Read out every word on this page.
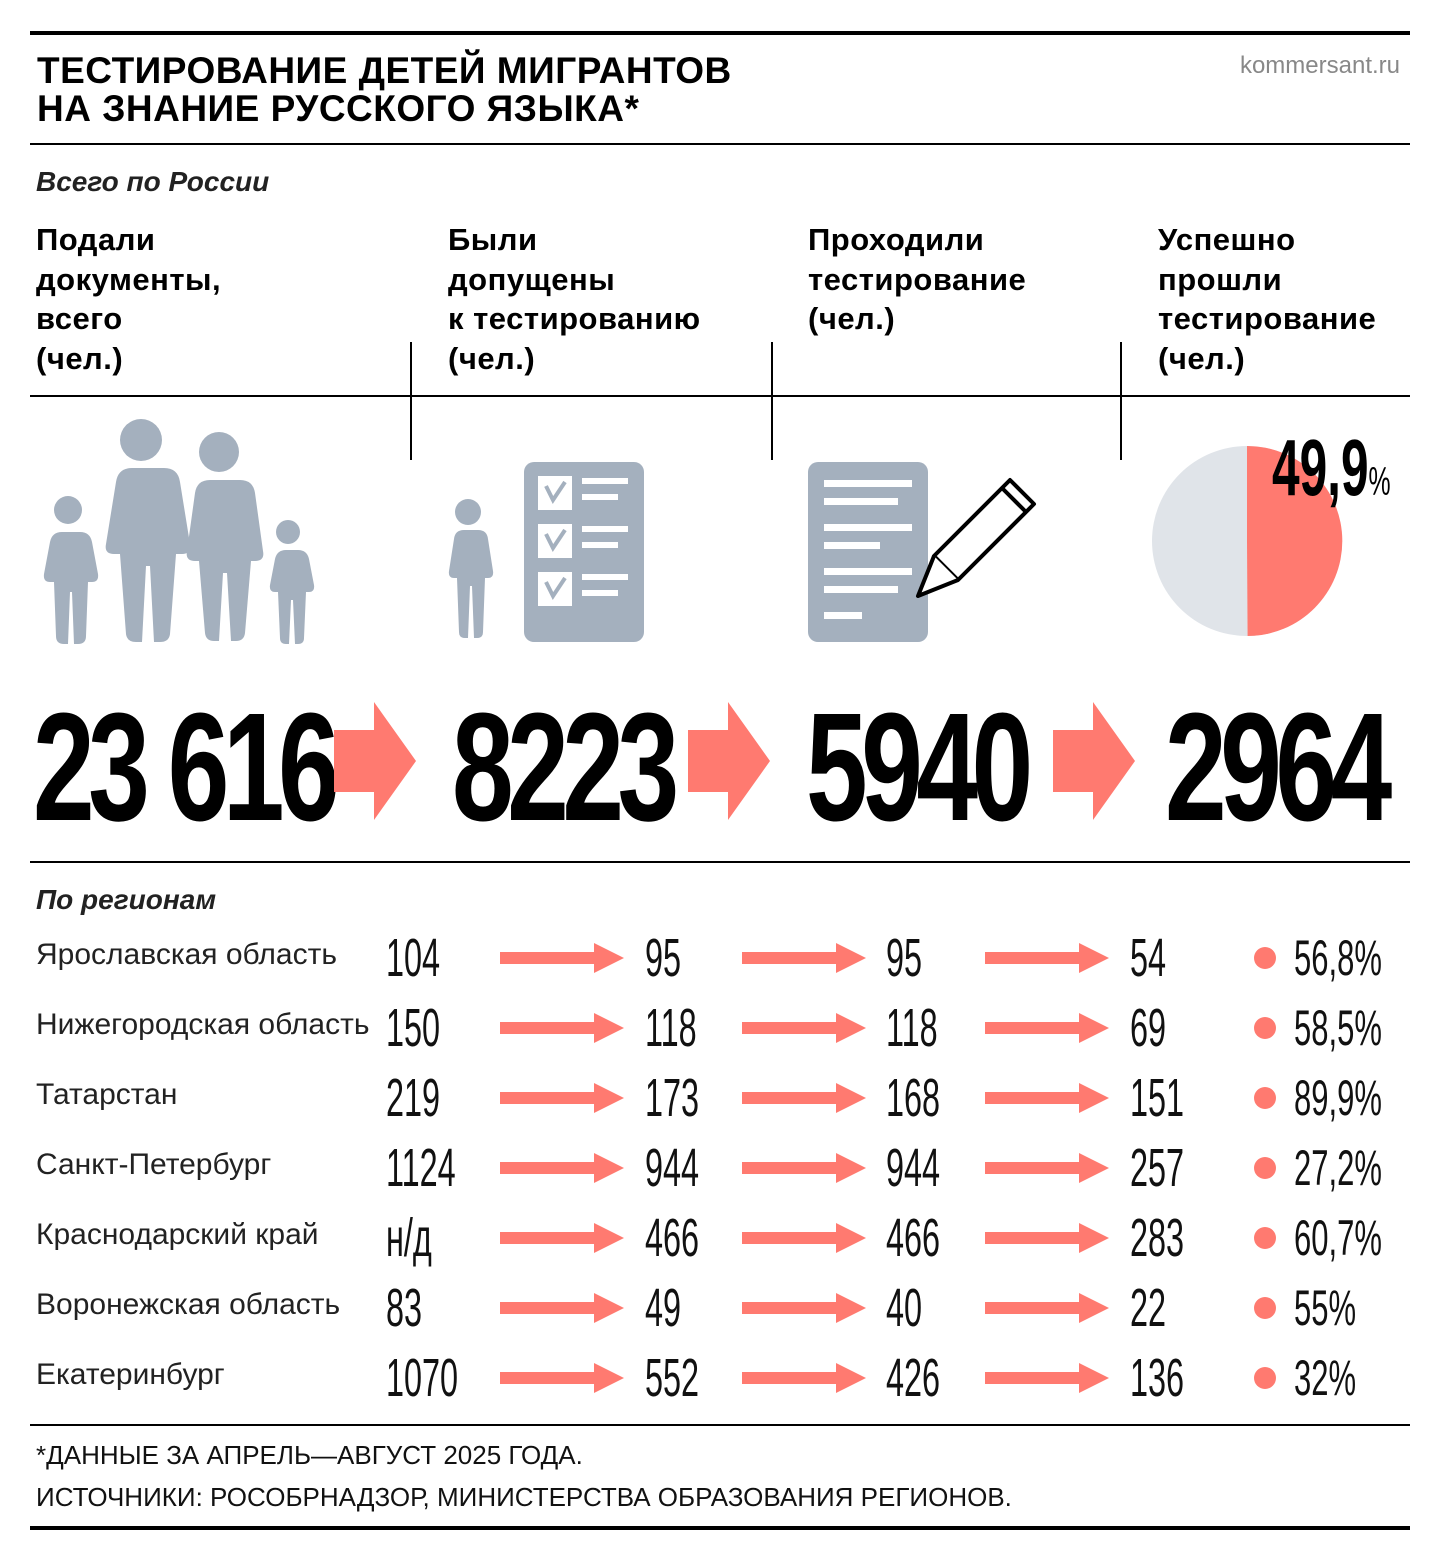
ТЕСТИРОВАНИЕ ДЕТЕЙ МИГРАНТОВ
НА ЗНАНИЕ РУССКОГО ЯЗЫКА*
kommersant.ru
Всего по России
Подали
документы,
всего
(чел.)
Были
допущены
к тестированию
(чел.)
Проходили
тестирование
(чел.)
Успешно
прошли
тестирование
(чел.)
49,9%
23 616 8223 5940 2964
По регионам
Ярославская область 104	95	95	54	56,8%
Нижегородская область 150	118	118	69	58,5%
Татарстан	219	173	168	151 89,9%
Санкт-Петербург 1124	944	944	257 27,2%
Краснодарский край н/д	466	466	283 60,7%
Воронежская область 83	49	40	22	55%
Екатеринбург	1070	552	426	136 32%
*ДАННЫЕ ЗА АПРЕЛЬ—АВГУСТ 2025 ГОДА.
ИСТОЧНИКИ: РОСОБРНАДЗОР, МИНИСТЕРСТВА ОБРАЗОВАНИЯ РЕГИОНОВ.
